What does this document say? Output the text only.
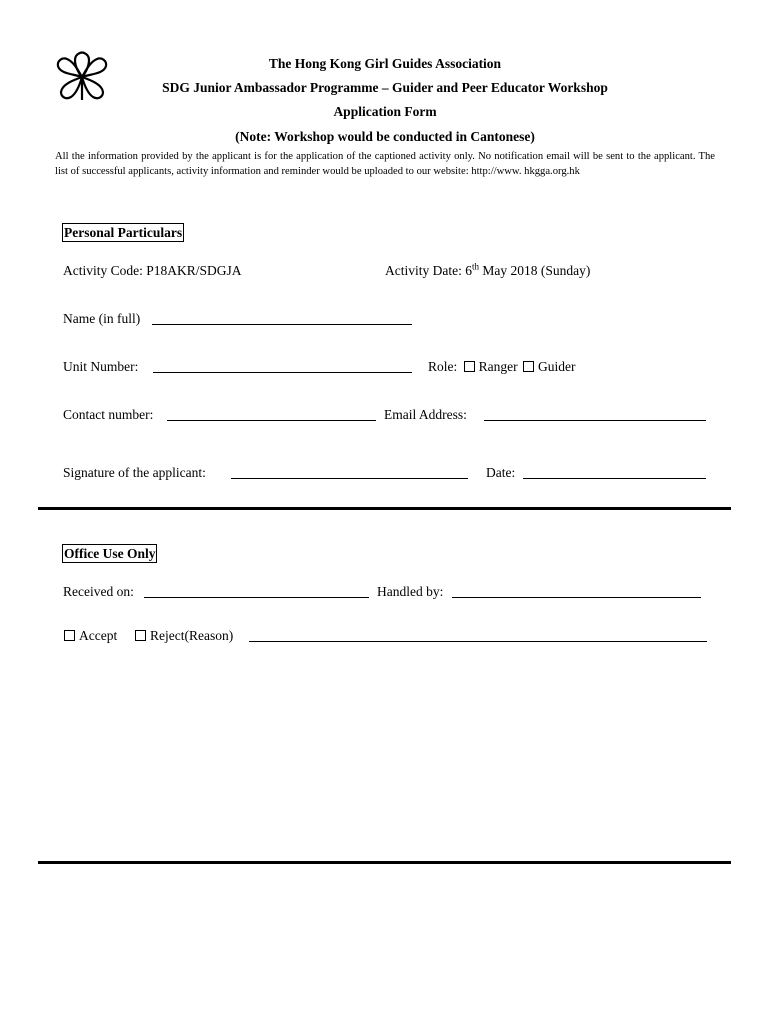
The Hong Kong Girl Guides Association
SDG Junior Ambassador Programme – Guider and Peer Educator Workshop
Application Form
(Note: Workshop would be conducted in Cantonese)
All the information provided by the applicant is for the application of the captioned activity only. No notification email will be sent to the applicant. The list of successful applicants, activity information and reminder would be uploaded to our website: http://www. hkgga.org.hk
Personal Particulars
Activity Code: P18AKR/SDGJA	Activity Date: 6th May 2018 (Sunday)
Name (in full)
Unit Number:	Role: Ranger Guider
Contact number:	Email Address:
Signature of the applicant:	Date:
Office Use Only
Received on:	Handled by:
Accept	Reject(Reason)
